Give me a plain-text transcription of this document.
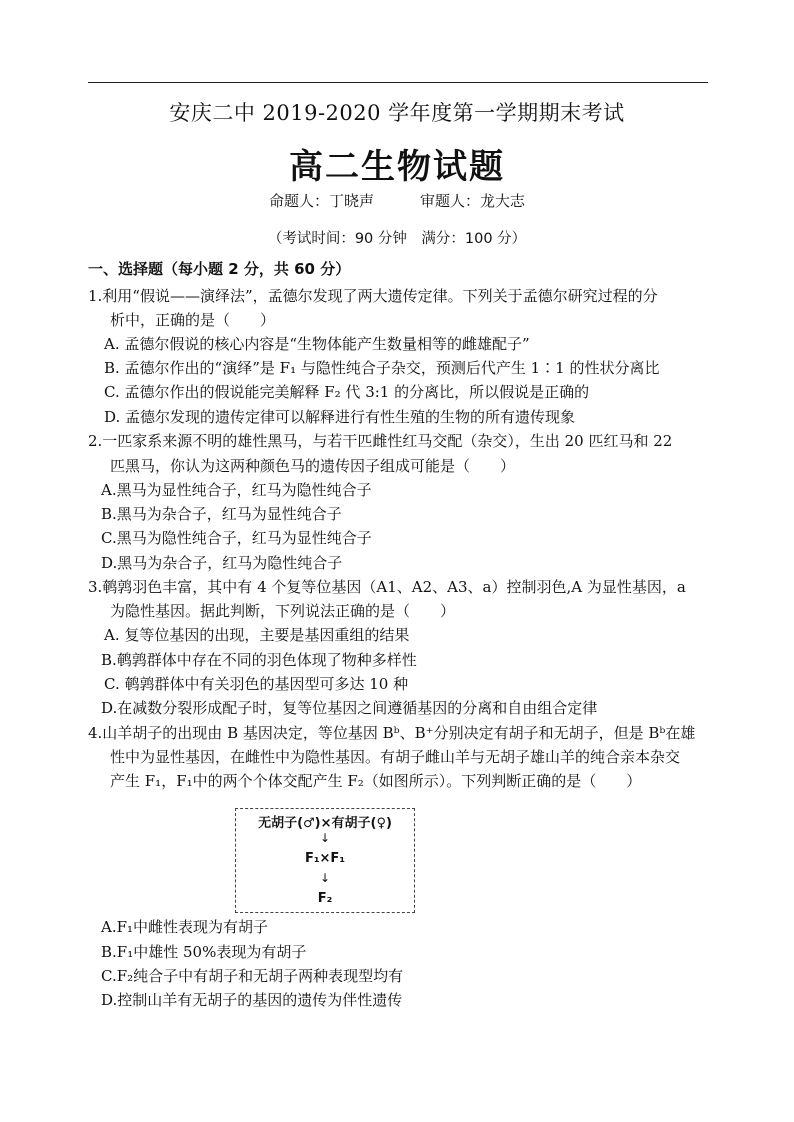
安庆二中 2019-2020 学年度第一学期期末考试
高二生物试题
命题人：丁晓声	审题人：龙大志
（考试时间：90 分钟　满分：100 分）
一、选择题（每小题 2 分，共 60 分）
1.利用“假说——演绎法”，孟德尔发现了两大遗传定律。下列关于孟德尔研究过程的分
析中，正确的是（　　）
A. 孟德尔假说的核心内容是“生物体能产生数量相等的雌雄配子”
B. 孟德尔作出的“演绎”是 F₁ 与隐性纯合子杂交，预测后代产生 1∶1 的性状分离比
C. 孟德尔作出的假说能完美解释 F₂ 代 3:1 的分离比，所以假说是正确的
D. 孟德尔发现的遗传定律可以解释进行有性生殖的生物的所有遗传现象
2.一匹家系来源不明的雄性黑马，与若干匹雌性红马交配（杂交），生出 20 匹红马和 22
匹黑马，你认为这两种颜色马的遗传因子组成可能是（　　）
A.黑马为显性纯合子，红马为隐性纯合子
B.黑马为杂合子，红马为显性纯合子
C.黑马为隐性纯合子，红马为显性纯合子
D.黑马为杂合子，红马为隐性纯合子
3.鹌鹑羽色丰富，其中有 4 个复等位基因（A1、A2、A3、a）控制羽色,A 为显性基因，a
为隐性基因。据此判断，下列说法正确的是（　　）
A. 复等位基因的出现，主要是基因重组的结果
B.鹌鹑群体中存在不同的羽色体现了物种多样性
C. 鹌鹑群体中有关羽色的基因型可多达 10 种
D.在减数分裂形成配子时，复等位基因之间遵循基因的分离和自由组合定律
4.山羊胡子的出现由 B 基因决定，等位基因 Bᵇ、B⁺分别决定有胡子和无胡子，但是 Bᵇ在雄
性中为显性基因，在雌性中为隐性基因。有胡子雌山羊与无胡子雄山羊的纯合亲本杂交
产生 F₁，F₁中的两个个体交配产生 F₂（如图所示）。下列判断正确的是（　　）
无胡子(♂)×有胡子(♀)
↓
F₁×F₁
↓
F₂
A.F₁中雌性表现为有胡子
B.F₁中雄性 50%表现为有胡子
C.F₂纯合子中有胡子和无胡子两种表现型均有
D.控制山羊有无胡子的基因的遗传为伴性遗传
